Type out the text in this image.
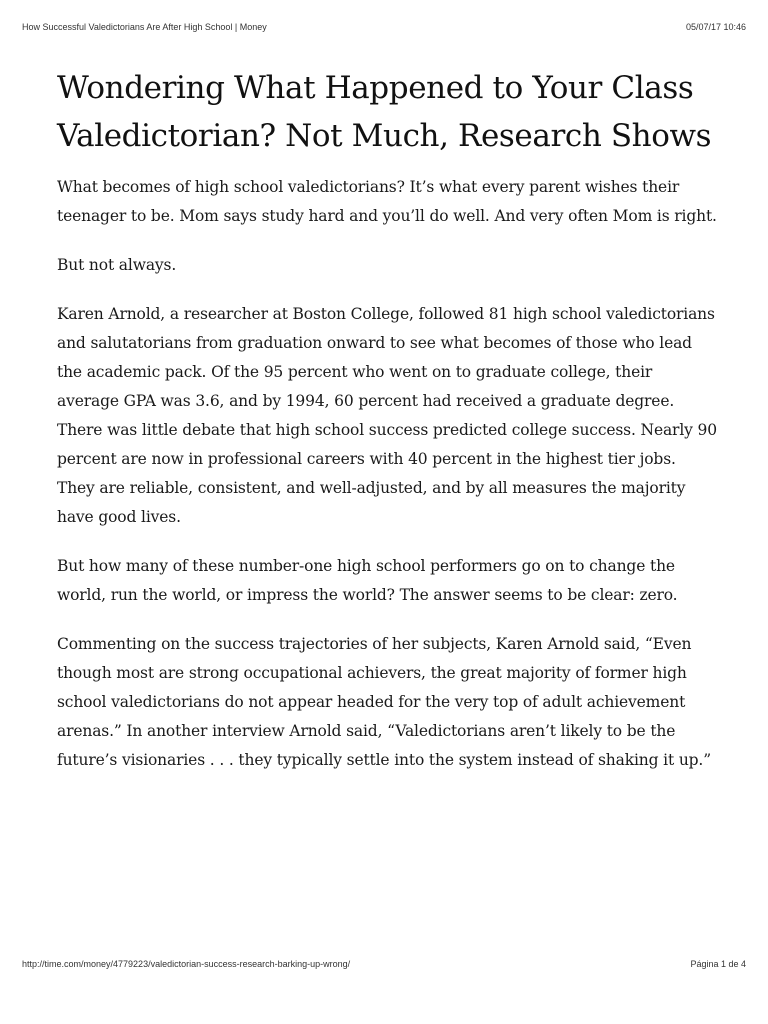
How Successful Valedictorians Are After High School | Money	05/07/17 10:46
Wondering What Happened to Your Class Valedictorian? Not Much, Research Shows

What becomes of high school valedictorians? It’s what every parent wishes their teenager to be. Mom says study hard and you’ll do well. And very often Mom is right.

But not always.

Karen Arnold, a researcher at Boston College, followed 81 high school valedictorians and salutatorians from graduation onward to see what becomes of those who lead the academic pack. Of the 95 percent who went on to graduate college, their average GPA was 3.6, and by 1994, 60 percent had received a graduate degree. There was little debate that high school success predicted college success. Nearly 90 percent are now in professional careers with 40 percent in the highest tier jobs. They are reliable, consistent, and well-adjusted, and by all measures the majority have good lives.

But how many of these number-one high school performers go on to change the world, run the world, or impress the world? The answer seems to be clear: zero.

Commenting on the success trajectories of her subjects, Karen Arnold said, “Even though most are strong occupational achievers, the great majority of former high school valedictorians do not appear headed for the very top of adult achievement arenas.” In another interview Arnold said, “Valedictorians aren’t likely to be the future’s visionaries . . . they typically settle into the system instead of shaking it up.”

http://time.com/money/4779223/valedictorian-success-research-barking-up-wrong/	Página 1 de 4
